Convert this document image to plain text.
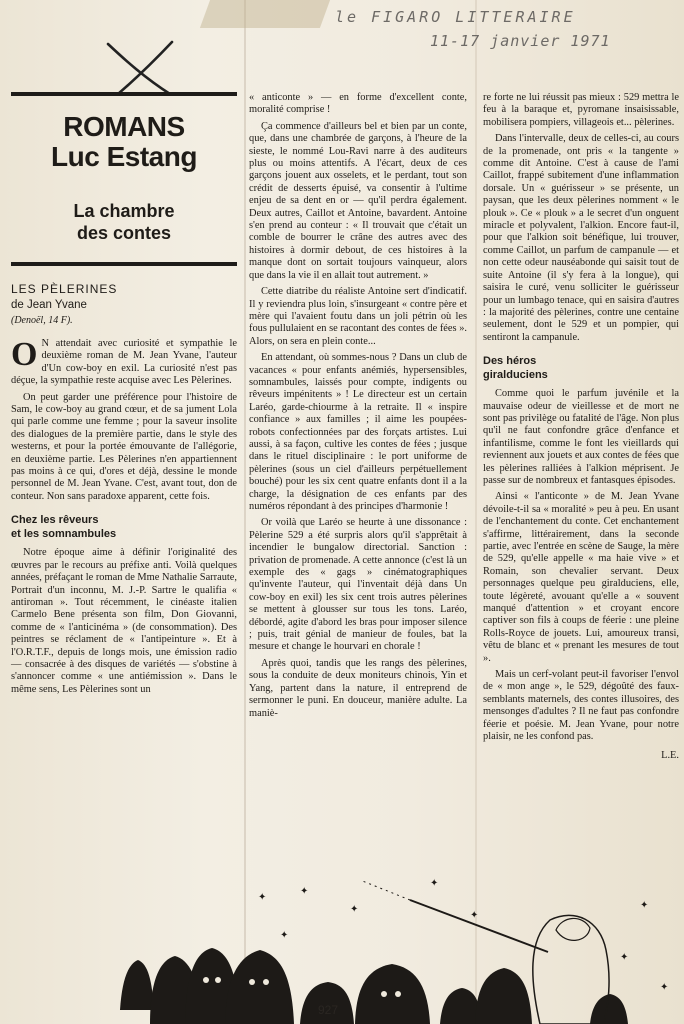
le FIGARO LITTERAIRE
11-17 janvier 1971
ROMANS
Luc Estang
La chambre
des contes
LES PÈLERINES
de Jean Yvane
(Denoël, 14 F).

O N attendait avec curiosité et sympathie le deuxième roman de M. Jean Yvane, l'auteur d'Un cow-boy en exil. La curiosité n'est pas déçue, la sympathie reste acquise avec Les Pèlerines.

On peut garder une préférence pour l'histoire de Sam, le cow-boy au grand cœur, et de sa jument Lola qui parle comme une femme ; pour la saveur insolite des dialogues de la première partie, dans le style des westerns, et pour la portée émouvante de l'allégorie, en deuxième partie. Les Pèlerines n'en appartiennent pas moins à ce qui, d'ores et déjà, dessine le monde personnel de M. Jean Yvane. C'est, avant tout, don de conteur. Non sans paradoxe apparent, cette fois.

Chez les rêveurs
et les somnambules

Notre époque aime à définir l'originalité des œuvres par le recours au préfixe anti. Voilà quelques années, préfaçant le roman de Mme Nathalie Sarraute, Portrait d'un inconnu, M. J.-P. Sartre le qualifia « antiroman ». Tout récemment, le cinéaste italien Carmelo Bene présenta son film, Don Giovanni, comme de « l'anticinéma » (de consommation). Des peintres se réclament de « l'antipeinture ». Et à l'O.R.T.F., depuis de longs mois, une émission radio — consacrée à des disques de variétés — s'obstine à s'annoncer comme « une antiémission ». Dans le même sens, Les Pèlerines sont un

« anticonte » — en forme d'excellent conte, moralité comprise !

Ça commence d'ailleurs bel et bien par un conte, que, dans une chambrée de garçons, à l'heure de la sieste, le nommé Lou-Ravi narre à des auditeurs plus ou moins attentifs. A l'écart, deux de ces garçons jouent aux osselets, et le perdant, tout son crédit de desserts épuisé, va consentir à l'ultime enjeu de sa dent en or — qu'il perdra également. Deux autres, Caillot et Antoine, bavardent. Antoine s'en prend au conteur : « Il trouvait que c'était un comble de bourrer le crâne des autres avec des histoires à dormir debout, de ces histoires à la manque dont on sortait toujours vainqueur, alors que dans la vie il en allait tout autrement. »

Cette diatribe du réaliste Antoine sert d'indicatif. Il y reviendra plus loin, s'insurgeant « contre père et mère qui l'avaient foutu dans un joli pétrin où les fous pullulaient en se racontant des contes de fées ». Alors, on sera en plein conte...

En attendant, où sommes-nous ? Dans un club de vacances « pour enfants anémiés, hypersensibles, somnambules, laissés pour compte, indigents ou rêveurs impénitents » ! Le directeur est un certain Laréo, garde-chiourme à la retraite. Il « inspire confiance » aux familles ; il aime les poupées-robots confectionnées par des forçats artistes. Lui aussi, à sa façon, cultive les contes de fées ; jusque dans le rituel disciplinaire : le port uniforme de pèlerines (sous un ciel d'ailleurs perpétuellement bouché) pour les six cent quatre enfants dont il a la charge, la désignation de ces enfants par des numéros répondant à des principes d'harmonie !

Or voilà que Laréo se heurte à une dissonance : Pèlerine 529 a été surpris alors qu'il s'apprêtait à incendier le bungalow directorial. Sanction : privation de promenade. A cette annonce (c'est là un exemple des « gags » cinématographiques qu'invente l'auteur, qui l'inventait déjà dans Un cow-boy en exil) les six cent trois autres pèlerines se mettent à glousser sur tous les tons. Laréo, débordé, agite d'abord les bras pour imposer silence ; puis, trait génial de manieur de foules, bat la mesure et change le hourvari en chorale !

Après quoi, tandis que les rangs des pèlerines, sous la conduite de deux moniteurs chinois, Yin et Yang, partent dans la nature, il entreprend de sermonner le puni. En douceur, manière adulte. La maniè-

re forte ne lui réussit pas mieux : 529 mettra le feu à la baraque et, pyromane insaisissable, mobilisera pompiers, villageois et... pèlerines.

Dans l'intervalle, deux de celles-ci, au cours de la promenade, ont pris « la tangente » comme dit Antoine. C'est à cause de l'ami Caillot, frappé subitement d'une inflammation dorsale. Un « guérisseur » se présente, un paysan, que les deux pèlerines nomment « le plouk ». Ce « plouk » a le secret d'un onguent miracle et polyvalent, l'alkion. Encore faut-il, pour que l'alkion soit bénéfique, lui trouver, comme Caillot, un parfum de campanule — et non cette odeur nauséabonde qui saisit tout de suite Antoine (il s'y fera à la longue), qui saisira le curé, venu solliciter le guérisseur pour un lumbago tenace, qui en saisira d'autres : la majorité des pèlerines, contre une centaine seulement, dont le 529 et un pompier, qui sentiront la campanule.

Des héros
giralduciens

Comme quoi le parfum juvénile et la mauvaise odeur de vieillesse et de mort ne sont pas privilège ou fatalité de l'âge. Non plus qu'il ne faut confondre grâce d'enfance et infantilisme, comme le font les vieillards qui reviennent aux jouets et aux contes de fées que les pèlerines ralliées à l'alkion méprisent. Je passe sur de nombreux et fantasques épisodes.

Ainsi « l'anticonte » de M. Jean Yvane dévoile-t-il sa « moralité » peu à peu. En usant de l'enchantement du conte. Cet enchantement s'affirme, littérairement, dans la seconde partie, avec l'entrée en scène de Sauge, la mère de 529, qu'elle appelle « ma haie vive » et Romain, son chevalier servant. Deux personnages quelque peu giralduciens, elle, toute légèreté, avouant qu'elle a « souvent manqué d'attention » et croyant encore captiver son fils à coups de féerie : une pleine Rolls-Royce de jouets. Lui, amoureux transi, vêtu de blanc et « prenant les mesures de tout ».

Mais un cerf-volant peut-il favoriser l'envol de « mon ange », le 529, dégoûté des faux-semblants maternels, des contes illusoires, des mensonges d'adultes ? Il ne faut pas confondre féerie et poésie. M. Jean Yvane, pour notre plaisir, ne les confond pas.

L.E.
✦
✦
✦
✦
✦
✦
✦
✦
✦
927
